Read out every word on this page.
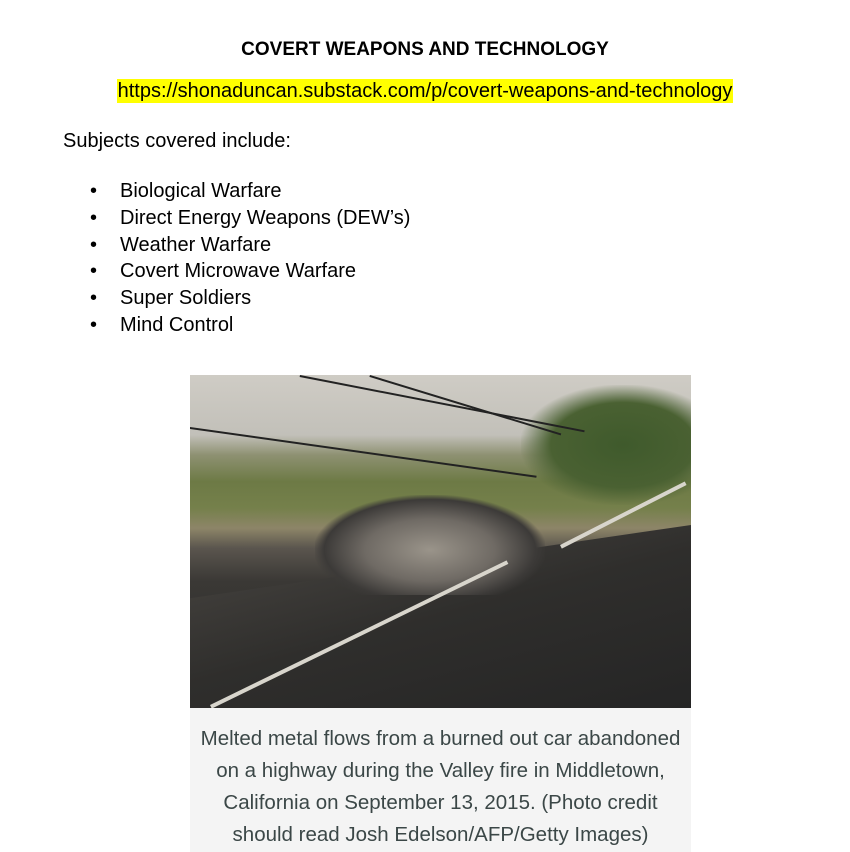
COVERT WEAPONS AND TECHNOLOGY
https://shonaduncan.substack.com/p/covert-weapons-and-technology
Subjects covered include:
• Biological Warfare
• Direct Energy Weapons (DEW’s)
• Weather Warfare
• Covert Microwave Warfare
• Super Soldiers
• Mind Control
Melted metal flows from a burned out car abandoned
on a highway during the Valley fire in Middletown,
California on September 13, 2015. (Photo credit
should read Josh Edelson/AFP/Getty Images)
